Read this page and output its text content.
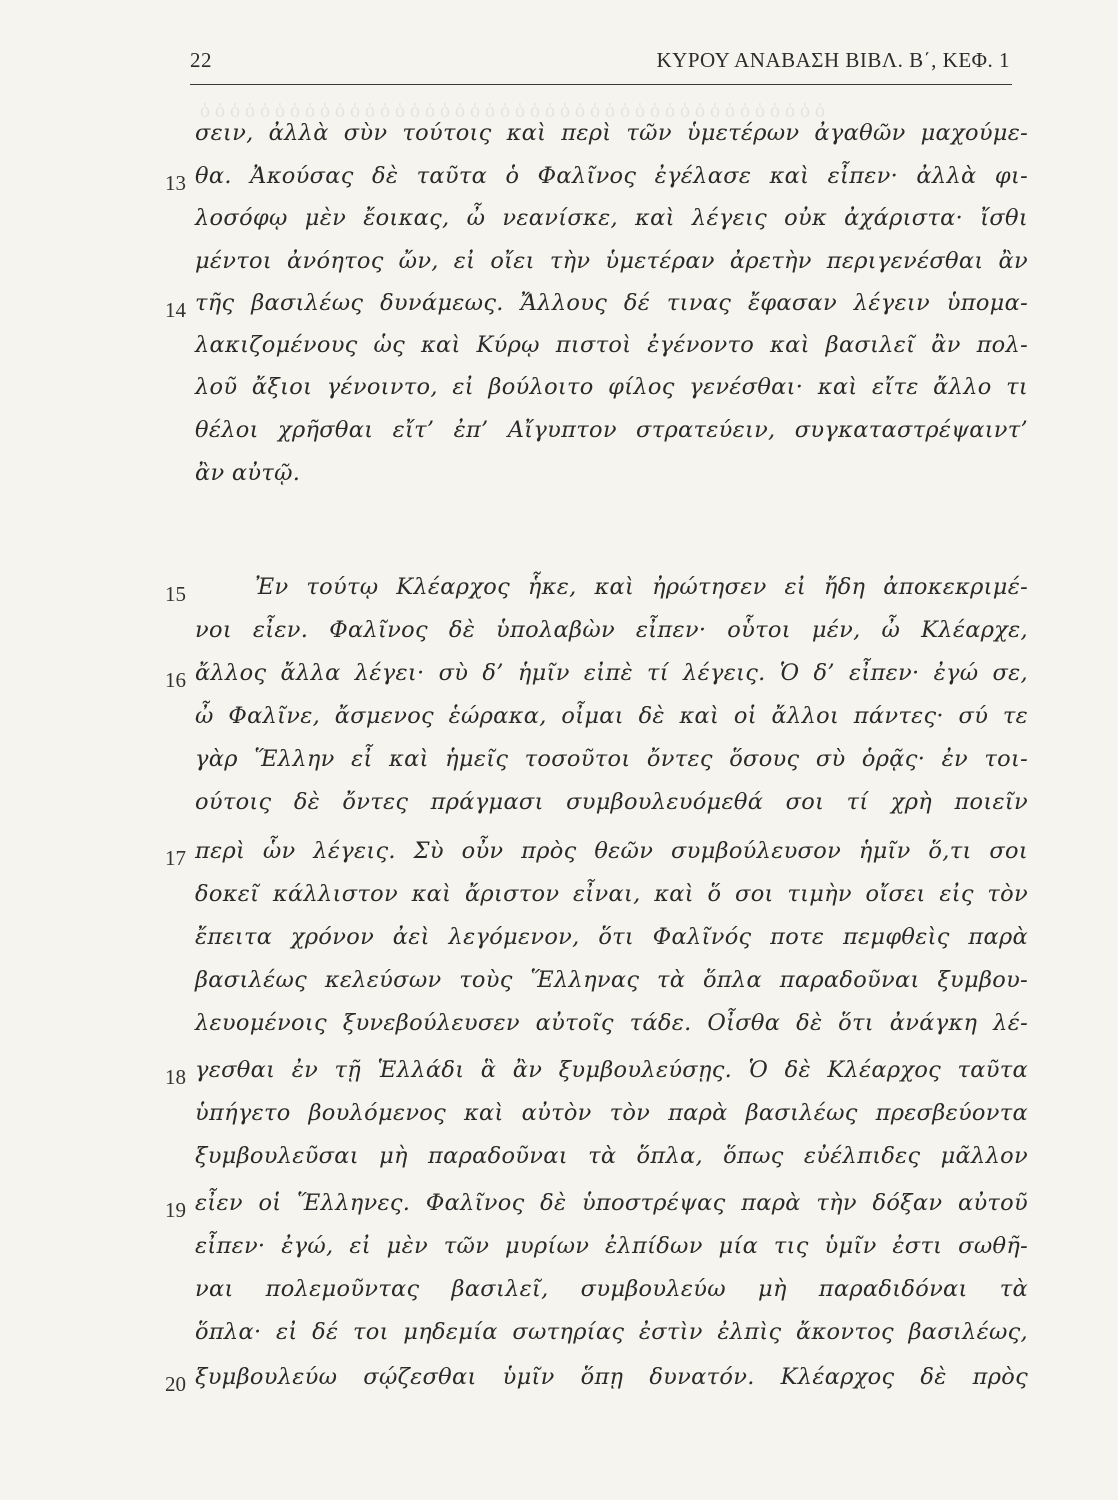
ὁ ὁ ὁ ὁ ὁ ὁ ὁ ὁ ὁ ὁ ὁ ὁ ὁ ὁ ὁ ὁ ὁ ὁ ὁ ὁ ὁ ὁ ὁ ὁ ὁ ὁ ὁ ὁ ὁ ὁ ὁ ὁ ὁ ὁ ὁ ὁ ὁ ὁ ὁ ὁ ὁ ὁ
22	ΚΥΡΟΥ ΑΝΑΒΑΣΗ ΒΙΒΛ. Β΄, ΚΕΦ. 1
σειν, ἀλλὰ σὺν τούτοις καὶ περὶ τῶν ὑμετέρων ἀγαθῶν μαχούμε-
13 θα. Ἀκούσας δὲ ταῦτα ὁ Φαλῖνος ἐγέλασε καὶ εἶπεν· ἀλλὰ φι-
λοσόφῳ μὲν ἔοικας, ὦ νεανίσκε, καὶ λέγεις οὐκ ἀχάριστα· ἴσθι
μέντοι ἀνόητος ὤν, εἰ οἴει τὴν ὑμετέραν ἀρετὴν περιγενέσθαι ἂν
14 τῆς βασιλέως δυνάμεως. Ἄλλους δέ τινας ἔφασαν λέγειν ὑπομα-
λακιζομένους ὡς καὶ Κύρῳ πιστοὶ ἐγένοντο καὶ βασιλεῖ ἂν πολ-
λοῦ ἄξιοι γένοιντο, εἰ βούλοιτο φίλος γενέσθαι· καὶ εἴτε ἄλλο τι
θέλοι χρῆσθαι εἴτ’ ἐπ’ Αἴγυπτον στρατεύειν, συγκαταστρέψαιντ’
ἂν αὐτῷ.
15	Ἐν τούτῳ Κλέαρχος ἧκε, καὶ ἠρώτησεν εἰ ἤδη ἀποκεκριμέ-
νοι εἶεν. Φαλῖνος δὲ ὑπολαβὼν εἶπεν· οὗτοι μέν, ὦ Κλέαρχε,
16 ἄλλος ἄλλα λέγει· σὺ δ’ ἡμῖν εἰπὲ τί λέγεις. Ὁ δ’ εἶπεν· ἐγώ σε,
ὦ Φαλῖνε, ἄσμενος ἑώρακα, οἶμαι δὲ καὶ οἱ ἄλλοι πάντες· σύ τε
γὰρ Ἕλλην εἶ καὶ ἡμεῖς τοσοῦτοι ὄντες ὅσους σὺ ὁρᾷς· ἐν τοι-
ούτοις δὲ ὄντες πράγμασι συμβουλευόμεθά σοι τί χρὴ ποιεῖν
17 περὶ ὧν λέγεις. Σὺ οὖν πρὸς θεῶν συμβούλευσον ἡμῖν ὅ,τι σοι
δοκεῖ κάλλιστον καὶ ἄριστον εἶναι, καὶ ὅ σοι τιμὴν οἴσει εἰς τὸν
ἔπειτα χρόνον ἀεὶ λεγόμενον, ὅτι Φαλῖνός ποτε πεμφθεὶς παρὰ
βασιλέως κελεύσων τοὺς Ἕλληνας τὰ ὅπλα παραδοῦναι ξυμβου-
λευομένοις ξυνεβούλευσεν αὐτοῖς τάδε. Οἶσθα δὲ ὅτι ἀνάγκη λέ-
18 γεσθαι ἐν τῇ Ἑλλάδι ἃ ἂν ξυμβουλεύσῃς. Ὁ δὲ Κλέαρχος ταῦτα
ὑπήγετο βουλόμενος καὶ αὐτὸν τὸν παρὰ βασιλέως πρεσβεύοντα
ξυμβουλεῦσαι μὴ παραδοῦναι τὰ ὅπλα, ὅπως εὐέλπιδες μᾶλλον
19 εἶεν οἱ Ἕλληνες. Φαλῖνος δὲ ὑποστρέψας παρὰ τὴν δόξαν αὐτοῦ
εἶπεν· ἐγώ, εἰ μὲν τῶν μυρίων ἐλπίδων μία τις ὑμῖν ἐστι σωθῆ-
ναι πολεμοῦντας βασιλεῖ, συμβουλεύω μὴ παραδιδόναι τὰ
ὅπλα· εἰ δέ τοι μηδεμία σωτηρίας ἐστὶν ἐλπὶς ἄκοντος βασιλέως,
20 ξυμβουλεύω σῴζεσθαι ὑμῖν ὅπῃ δυνατόν. Κλέαρχος δὲ πρὸς
